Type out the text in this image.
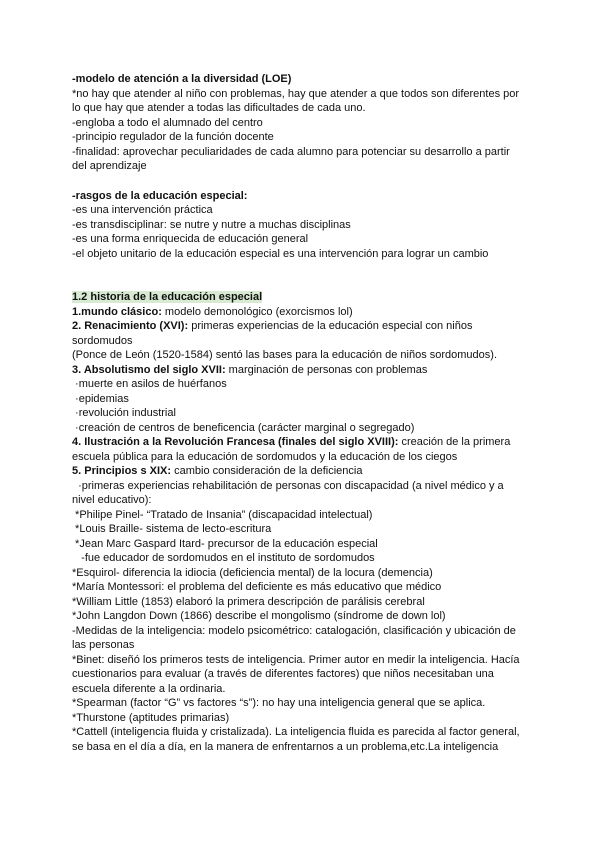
-modelo de atención a la diversidad (LOE)
*no hay que atender al niño con problemas, hay que atender a que todos son diferentes por
lo que hay que atender a todas las dificultades de cada uno.
-engloba a todo el alumnado del centro
-principio regulador de la función docente
-finalidad: aprovechar peculiaridades de cada alumno para potenciar su desarrollo a partir
del aprendizaje
-rasgos de la educación especial:
-es una intervención práctica
-es transdisciplinar: se nutre y nutre a muchas disciplinas
-es una forma enriquecida de educación general
-el objeto unitario de la educación especial es una intervención para lograr un cambio
1.2 historia de la educación especial
1.mundo clásico: modelo demonológico (exorcismos lol)
2. Renacimiento (XVI): primeras experiencias de la educación especial con niños
sordomudos
(Ponce de León (1520-1584) sentó las bases para la educación de niños sordomudos).
3. Absolutismo del siglo XVII: marginación de personas con problemas
·muerte en asilos de huérfanos
·epidemias
·revolución industrial
·creación de centros de beneficencia (carácter marginal o segregado)
4. Ilustración a la Revolución Francesa (finales del siglo XVIII): creación de la primera
escuela pública para la educación de sordomudos y la educación de los ciegos
5. Principios s XIX: cambio consideración de la deficiencia
·primeras experiencias rehabilitación de personas con discapacidad (a nivel médico y a
nivel educativo):
*Philipe Pinel- “Tratado de Insania” (discapacidad intelectual)
*Louis Braille- sistema de lecto-escritura
*Jean Marc Gaspard Itard- precursor de la educación especial
-fue educador de sordomudos en el instituto de sordomudos
*Esquirol- diferencia la idiocia (deficiencia mental) de la locura (demencia)
*María Montessori: el problema del deficiente es más educativo que médico
*William Little (1853) elaboró la primera descripción de parálisis cerebral
*John Langdon Down (1866) describe el mongolismo (síndrome de down lol)
-Medidas de la inteligencia: modelo psicométrico: catalogación, clasificación y ubicación de
las personas
*Binet: diseñó los primeros tests de inteligencia. Primer autor en medir la inteligencia. Hacía
cuestionarios para evaluar (a través de diferentes factores) que niños necesitaban una
escuela diferente a la ordinaria.
*Spearman (factor “G” vs factores “s”): no hay una inteligencia general que se aplica.
*Thurstone (aptitudes primarias)
*Cattell (inteligencia fluida y cristalizada). La inteligencia fluida es parecida al factor general,
se basa en el día a día, en la manera de enfrentarnos a un problema,etc.La inteligencia
